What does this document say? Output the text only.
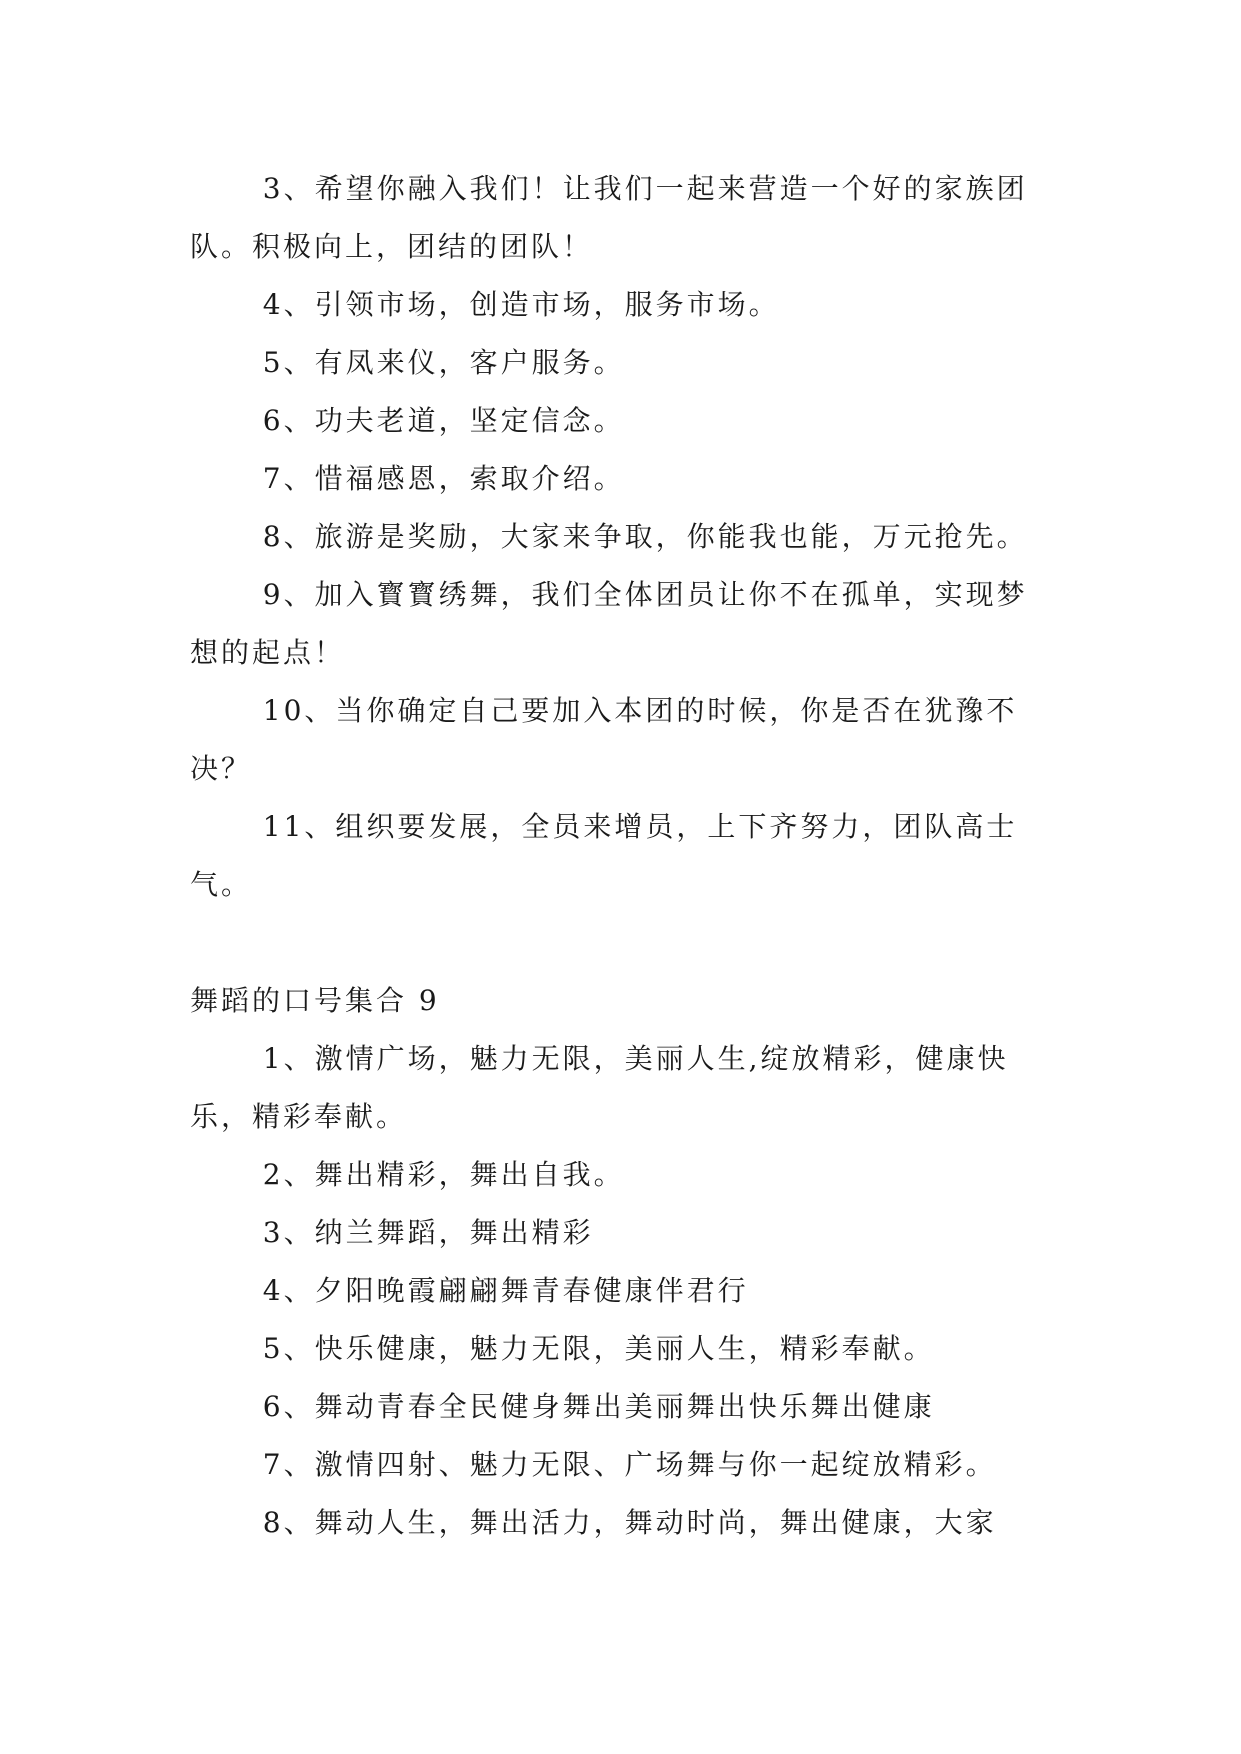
3、希望你融入我们！让我们一起来营造一个好的家族团队。积极向上，团结的团队！

4、引领市场，创造市场，服务市场。

5、有凤来仪，客户服务。

6、功夫老道，坚定信念。

7、惜福感恩，索取介绍。

8、旅游是奖励，大家来争取，你能我也能，万元抢先。

9、加入寳寳绣舞，我们全体团员让你不在孤单，实现梦想的起点！

10、当你确定自己要加入本团的时候，你是否在犹豫不决？

11、组织要发展，全员来增员，上下齐努力，团队高士气。

舞蹈的口号集合 9

1、激情广场，魅力无限，美丽人生,绽放精彩，健康快乐，精彩奉献。

2、舞出精彩，舞出自我。

3、纳兰舞蹈，舞出精彩

4、夕阳晚霞翩翩舞青春健康伴君行

5、快乐健康，魅力无限，美丽人生，精彩奉献。

6、舞动青春全民健身舞出美丽舞出快乐舞出健康

7、激情四射、魅力无限、广场舞与你一起绽放精彩。

8、舞动人生，舞出活力，舞动时尚，舞出健康，大家
